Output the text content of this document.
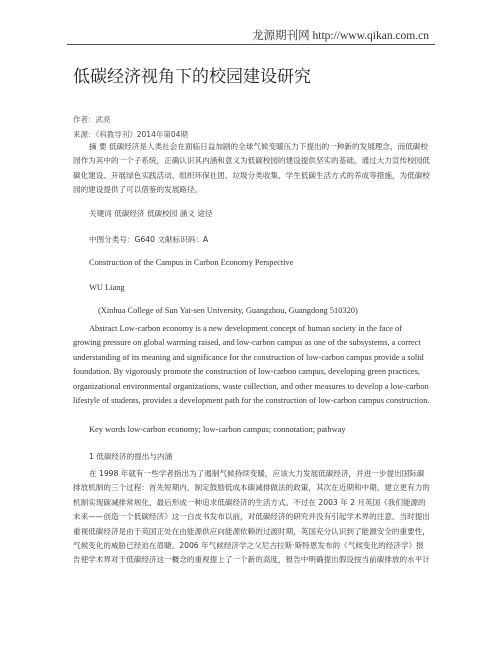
龙源期刊网 http://www.qikan.com.cn
低碳经济视角下的校园建设研究
作者：武亮
来源：《科教导刊》2014年第04期
摘 要 低碳经济是人类社会在面临日益加剧的全球气候变暖压力下提出的一种新的发展理念，而低碳校园作为其中的一个子系统，正确认识其内涵和意义为低碳校园的建设提供坚实的基础。通过大力宣传校园低碳化建设、开展绿色实践活动、组织环保社团、垃圾分类收集、学生低碳生活方式的养成等措施，为低碳校园的建设提供了可以借鉴的发展路径。
关键词 低碳经济 低碳校园 涵义 途径
中图分类号：G640 文献标识码：A
Construction of the Campus in Carbon Economy Perspective
WU Liang
(Xinhua College of Sun Yat-sen University, Guangzhou, Guangdong 510320)
Abstract Low-carbon economy is a new development concept of human society in the face of growing pressure on global warming raised, and low-carbon campus as one of the subsystems, a correct understanding of its meaning and significance for the construction of low-carbon campus provide a solid foundation. By vigorously promote the construction of low-carbon campus, developing green practices, organizational environmental organizations, waste collection, and other measures to develop a low-carbon lifestyle of students, provides a development path for the construction of low-carbon campus construction.
Key words low-carbon economy; low-carbon campus; connotation; pathway
1 低碳经济的提出与内涵
在 1998 年就有一些学者指出为了遏制气候持续变暖，应该大力发展低碳经济，并进一步提出国际碳排放机制的三个过程：首先短期内，制定鼓励低成本碳减排做法的政策，其次在近期和中期，建立更有力的机制实现碳减排常规化，最后形成一种追求低碳经济的生活方式。不过在 2003 年 2 月英国《我们能源的未来——创造一个低碳经济》这一白皮书发布以前，对低碳经济的研究并没有引起学术界的注意。当时提出重视低碳经济是由于英国正处在由能源供应向能源依赖的过渡时期，英国充分认识到了能源安全的重要性，气候变化的威胁已经迫在眉睫。2006 年气候经济学之父尼古拉斯·斯特恩发布的《气候变化的经济学》报告使学术界对于低碳经济这一概念的重视提上了一个新的高度，报告中明确提出假设按当前碳排放的水平计
